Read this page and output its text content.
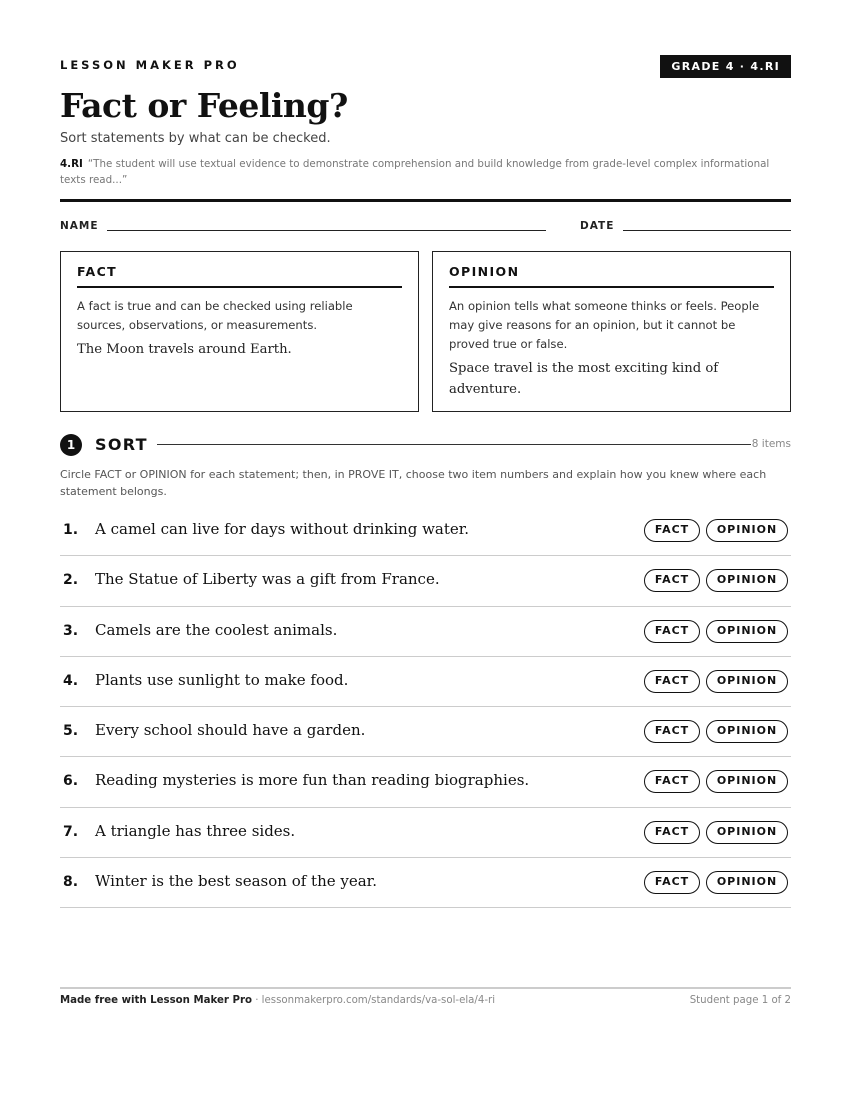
LESSON MAKER PRO	GRADE 4 · 4.RI
Fact or Feeling?
Sort statements by what can be checked.
4.RI “The student will use textual evidence to demonstrate comprehension and build knowledge from grade-level complex informational texts read...”
NAME	DATE
FACT
A fact is true and can be checked using reliable sources, observations, or measurements.
The Moon travels around Earth.
OPINION
An opinion tells what someone thinks or feels. People may give reasons for an opinion, but it cannot be proved true or false.
Space travel is the most exciting kind of adventure.
1	SORT	8 items
Circle FACT or OPINION for each statement; then, in PROVE IT, choose two item numbers and explain how you knew where each statement belongs.
1. A camel can live for days without drinking water.	FACT	OPINION
2. The Statue of Liberty was a gift from France.	FACT	OPINION
3. Camels are the coolest animals.	FACT	OPINION
4. Plants use sunlight to make food.	FACT	OPINION
5. Every school should have a garden.	FACT	OPINION
6. Reading mysteries is more fun than reading biographies.	FACT	OPINION
7. A triangle has three sides.	FACT	OPINION
8. Winter is the best season of the year.	FACT	OPINION
Made free with Lesson Maker Pro · lessonmakerpro.com/standards/va-sol-ela/4-ri	Student page 1 of 2
